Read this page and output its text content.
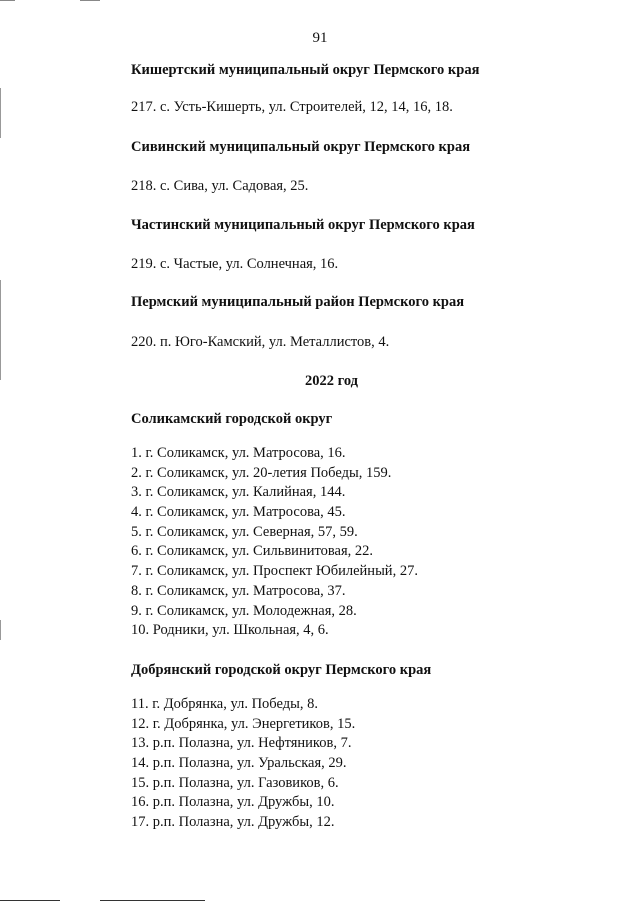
91
Кишертский муниципальный округ Пермского края
217. с. Усть-Кишерть, ул. Строителей, 12, 14, 16, 18.
Сивинский муниципальный округ Пермского края
218. с. Сива, ул. Садовая, 25.
Частинский муниципальный округ Пермского края
219. с. Частые, ул. Солнечная, 16.
Пермский муниципальный район Пермского края
220. п. Юго-Камский, ул. Металлистов, 4.
2022 год
Соликамский городской округ
1. г. Соликамск, ул. Матросова, 16.
2. г. Соликамск, ул. 20-летия Победы, 159.
3. г. Соликамск, ул. Калийная, 144.
4. г. Соликамск, ул. Матросова, 45.
5. г. Соликамск, ул. Северная, 57, 59.
6. г. Соликамск, ул. Сильвинитовая, 22.
7. г. Соликамск, ул. Проспект Юбилейный, 27.
8. г. Соликамск, ул. Матросова, 37.
9. г. Соликамск, ул. Молодежная, 28.
10. Родники, ул. Школьная, 4, 6.
Добрянский городской округ Пермского края
11. г. Добрянка, ул. Победы, 8.
12. г. Добрянка, ул. Энергетиков, 15.
13. р.п. Полазна, ул. Нефтяников, 7.
14. р.п. Полазна, ул. Уральская, 29.
15. р.п. Полазна, ул. Газовиков, 6.
16. р.п. Полазна, ул. Дружбы, 10.
17. р.п. Полазна, ул. Дружбы, 12.
